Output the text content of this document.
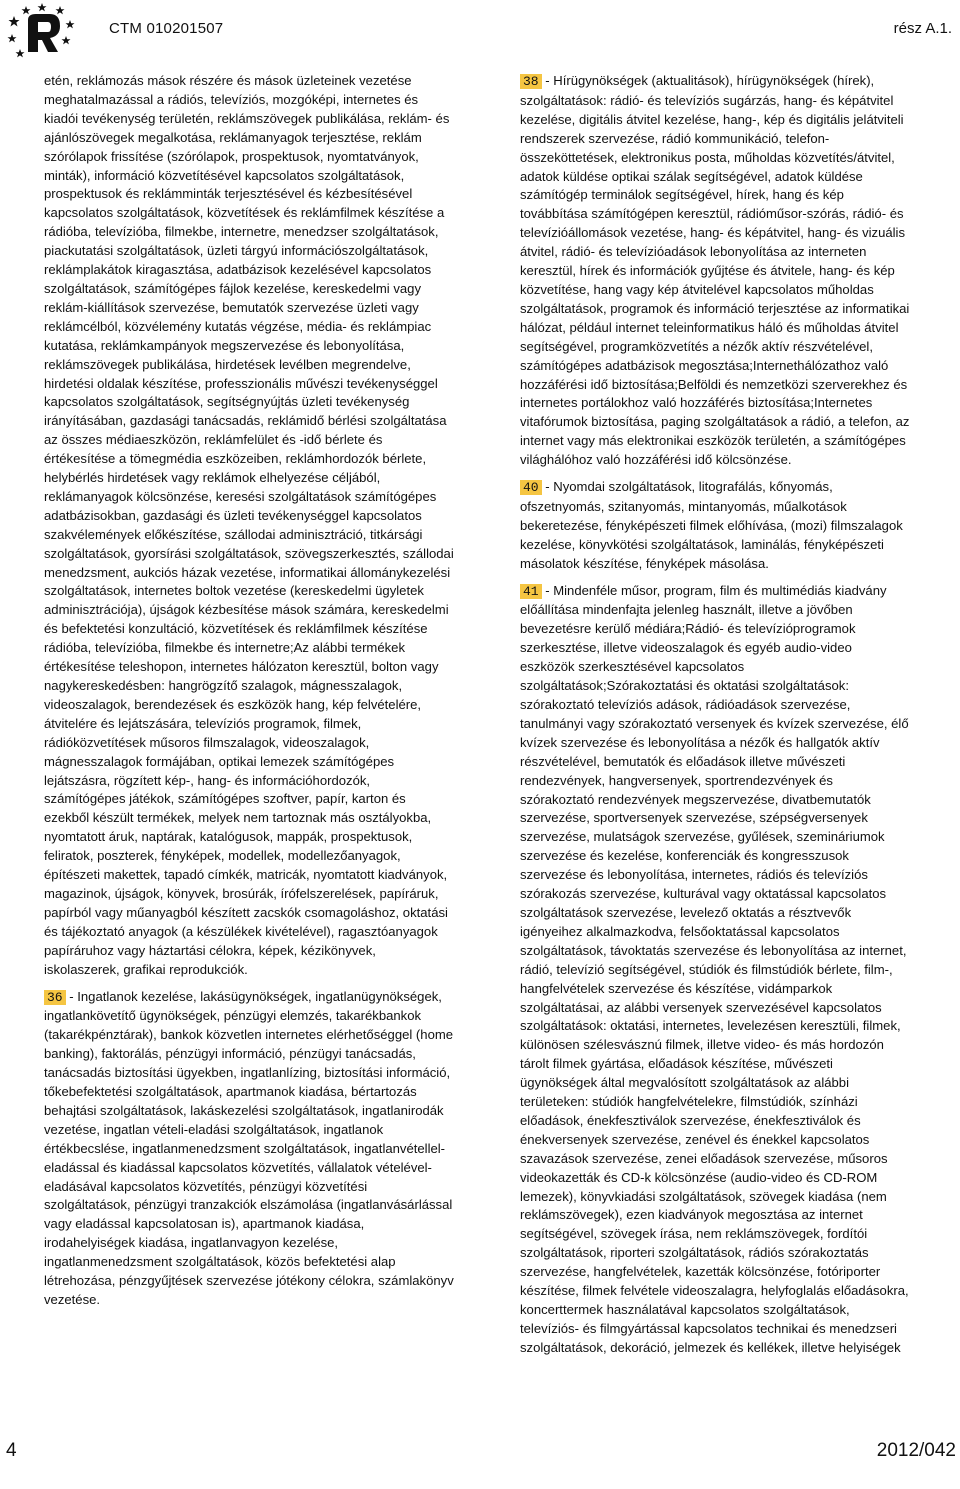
CTM 010201507	rész A.1.

etén, reklámozás mások részére és mások üzleteinek vezetése meghatalmazással a rádiós, televíziós, mozgóképi, internetes és kiadói tevékenység területén, reklámszövegek publikálása, reklám- és ajánlószövegek megalkotása, reklámanyagok terjesztése, reklám szórólapok frissítése (szórólapok, prospektusok, nyomtatványok, minták), információ közvetítésével kapcsolatos szolgáltatások, prospektusok és reklámminták terjesztésével és kézbesítésével kapcsolatos szolgáltatások, közvetítések és reklámfilmek készítése a rádióba, televízióba, filmekbe, internetre, menedzser szolgáltatások, piackutatási szolgáltatások, üzleti tárgyú információszolgáltatások, reklámplakátok kiragasztása, adatbázisok kezelésével kapcsolatos szolgáltatások, számítógépes fájlok kezelése, kereskedelmi vagy reklám-kiállítások szervezése, bemutatók szervezése üzleti vagy reklámcélból, közvélemény kutatás végzése, média- és reklámpiac kutatása, reklámkampányok megszervezése és lebonyolítása, reklámszövegek publikálása, hirdetések levélben megrendelve, hirdetési oldalak készítése, professzionális művészi tevékenységgel kapcsolatos szolgáltatások, segítségnyújtás üzleti tevékenység irányításában, gazdasági tanácsadás, reklámidő bérlési szolgáltatása az összes médiaeszközön, reklámfelület és -idő bérlete és értékesítése a tömegmédia eszközeiben, reklámhordozók bérlete, helybérlés hirdetések vagy reklámok elhelyezése céljából, reklámanyagok kölcsönzése, keresési szolgáltatások számítógépes adatbázisokban, gazdasági és üzleti tevékenységgel kapcsolatos szakvélemények előkészítése, szállodai adminisztráció, titkársági szolgáltatások, gyorsírási szolgáltatások, szövegszerkesztés, szállodai menedzsment, aukciós házak vezetése, informatikai állománykezelési szolgáltatások, internetes boltok vezetése (kereskedelmi ügyletek adminisztrációja), újságok kézbesítése mások számára, kereskedelmi és befektetési konzultáció, közvetítések és reklámfilmek készítése rádióba, televízióba, filmekbe és internetre;Az alábbi termékek értékesítése teleshopon, internetes hálózaton keresztül, bolton vagy nagykereskedésben: hangrögzítő szalagok, mágnesszalagok, videoszalagok, berendezések és eszközök hang, kép felvételére, átvitelére és lejátszására, televíziós programok, filmek, rádióközvetítések műsoros filmszalagok, videoszalagok, mágnesszalagok formájában, optikai lemezek számítógépes lejátszásra, rögzített kép-, hang- és információhordozók, számítógépes játékok, számítógépes szoftver, papír, karton és ezekből készült termékek, melyek nem tartoznak más osztályokba, nyomtatott áruk, naptárak, katalógusok, mappák, prospektusok, feliratok, poszterek, fényképek, modellek, modellezőanyagok, építészeti makettek, tapadó címkék, matricák, nyomtatott kiadványok, magazinok, újságok, könyvek, brosúrák, írófelszerelések, papíráruk, papírból vagy műanyagból készített zacskók csomagoláshoz, oktatási és tájékoztató anyagok (a készülékek kivételével), ragasztóanyagok papíráruhoz vagy háztartási célokra, képek, kézikönyvek, iskolaszerek, grafikai reprodukciók.

36 - Ingatlanok kezelése, lakásügynökségek, ingatlanügynökségek, ingatlankövetítő ügynökségek, pénzügyi elemzés, takarékbankok (takarékpénztárak), bankok közvetlen internetes elérhetőséggel (home banking), faktorálás, pénzügyi információ, pénzügyi tanácsadás, tanácsadás biztosítási ügyekben, ingatlanlízing, biztosítási információ, tőkebefektetési szolgáltatások, apartmanok kiadása, bértartozás behajtási szolgáltatások, lakáskezelési szolgáltatások, ingatlanirodák vezetése, ingatlan vételi-eladási szolgáltatások, ingatlanok értékbecslése, ingatlanmenedzsment szolgáltatások, ingatlanvétellel-eladással és kiadással kapcsolatos közvetítés, vállalatok vételével-eladásával kapcsolatos közvetítés, pénzügyi közvetítési szolgáltatások, pénzügyi tranzakciók elszámolása (ingatlanvásárlással vagy eladással kapcsolatosan is), apartmanok kiadása, irodahelyiségek kiadása, ingatlanvagyon kezelése, ingatlanmenedzsment szolgáltatások, közös befektetési alap létrehozása, pénzgyűjtések szervezése jótékony célokra, számlakönyv vezetése.

38 - Hírügynökségek (aktualitások), hírügynökségek (hírek), szolgáltatások: rádió- és televíziós sugárzás, hang- és képátvitel kezelése, digitális átvitel kezelése, hang-, kép és digitális jelátviteli rendszerek szervezése, rádió kommunikáció, telefon-összeköttetések, elektronikus posta, műholdas közvetítés/átvitel, adatok küldése optikai szálak segítségével, adatok küldése számítógép terminálok segítségével, hírek, hang és kép továbbítása számítógépen keresztül, rádióműsor-szórás, rádió- és televízióállomások vezetése, hang- és képátvitel, hang- és vizuális átvitel, rádió- és televízióadások lebonyolítása az interneten keresztül, hírek és információk gyűjtése és átvitele, hang- és kép közvetítése, hang vagy kép átvitelével kapcsolatos műholdas szolgáltatások, programok és információ terjesztése az informatikai hálózat, például internet teleinformatikus háló és műholdas átvitel segítségével, programközvetítés a nézők aktív részvételével, számítógépes adatbázisok megosztása;Internethálózathoz való hozzáférési idő biztosítása;Belföldi és nemzetközi szerverekhez és internetes portálokhoz való hozzáférés biztosítása;Internetes vitafórumok biztosítása, paging szolgáltatások a rádió, a telefon, az internet vagy más elektronikai eszközök területén, a számítógépes világhálóhoz való hozzáférési idő kölcsönzése.

40 - Nyomdai szolgáltatások, litografálás, kőnyomás, ofszetnyomás, szitanyomás, mintanyomás, műalkotások bekeretezése, fényképészeti filmek előhívása, (mozi) filmszalagok kezelése, könyvkötési szolgáltatások, laminálás, fényképészeti másolatok készítése, fényképek másolása.

41 - Mindenféle műsor, program, film és multimédiás kiadvány előállítása mindenfajta jelenleg használt, illetve a jövőben bevezetésre kerülő médiára;Rádió- és televízióprogramok szerkesztése, illetve videoszalagok és egyéb audio-video eszközök szerkesztésével kapcsolatos szolgáltatások;Szórakoztatási és oktatási szolgáltatások: szórakoztató televíziós adások, rádióadások szervezése, tanulmányi vagy szórakoztató versenyek és kvízek szervezése, élő kvízek szervezése és lebonyolítása a nézők és hallgatók aktív részvételével, bemutatók és előadások illetve művészeti rendezvények, hangversenyek, sportrendezvények és szórakoztató rendezvények megszervezése, divatbemutatók szervezése, sportversenyek szervezése, szépségversenyek szervezése, mulatságok szervezése, gyűlések, szemináriumok szervezése és kezelése, konferenciák és kongresszusok szervezése és lebonyolítása, internetes, rádiós és televíziós szórakozás szervezése, kulturával vagy oktatással kapcsolatos szolgáltatások szervezése, levelező oktatás a résztvevők igényeihez alkalmazkodva, felsőoktatással kapcsolatos szolgáltatások, távoktatás szervezése és lebonyolítása az internet, rádió, televízió segítségével, stúdiók és filmstúdiók bérlete, film-, hangfelvételek szervezése és készítése, vidámparkok szolgáltatásai, az alábbi versenyek szervezésével kapcsolatos szolgáltatások: oktatási, internetes, levelezésen keresztüli, filmek, különösen szélesvásznú filmek, illetve video- és más hordozón tárolt filmek gyártása, előadások készítése, művészeti ügynökségek által megvalósított szolgáltatások az alábbi területeken: stúdiók hangfelvételekre, filmstúdiók, színházi előadások, énekfesztiválok szervezése, énekfesztiválok és énekversenyek szervezése, zenével és énekkel kapcsolatos szavazások szervezése, zenei előadások szervezése, műsoros videokazetták és CD-k kölcsönzése (audio-video és CD-ROM lemezek), könyvkiadási szolgáltatások, szövegek kiadása (nem reklámszövegek), ezen kiadványok megosztása az internet segítségével, szövegek írása, nem reklámszövegek, fordítói szolgáltatások, riporteri szolgáltatások, rádiós szórakoztatás szervezése, hangfelvételek, kazetták kölcsönzése, fotóriporter készítése, filmek felvétele videoszalagra, helyfoglalás előadásokra, koncerttermek használatával kapcsolatos szolgáltatások, televíziós- és filmgyártással kapcsolatos technikai és menedzseri szolgáltatások, dekoráció, jelmezek és kellékek, illetve helyiségek

4	2012/042
